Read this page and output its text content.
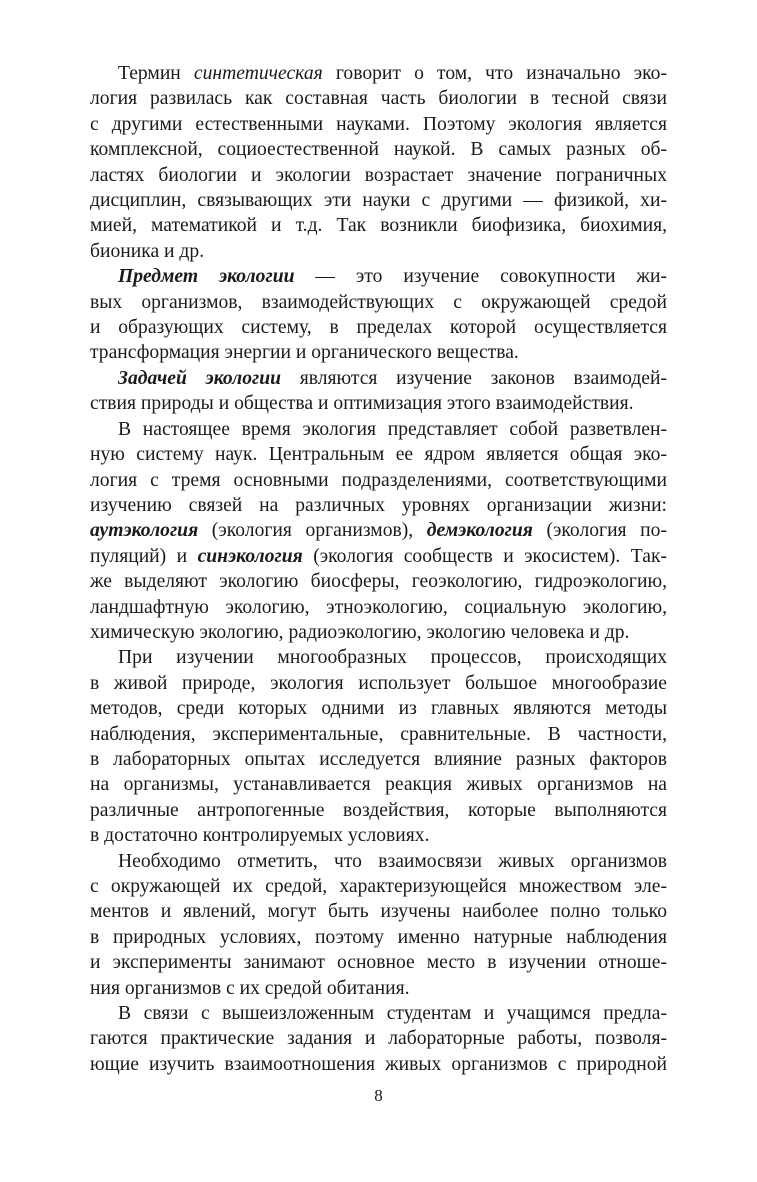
Термин синтетическая говорит о том, что изначально эко-
логия развилась как составная часть биологии в тесной связи
с другими естественными науками. Поэтому экология является
комплексной, социоестественной наукой. В самых разных об-
ластях биологии и экологии возрастает значение пограничных
дисциплин, связывающих эти науки с другими — физикой, хи-
мией, математикой и т.д. Так возникли биофизика, биохимия,
бионика и др.
Предмет экологии — это изучение совокупности жи-
вых организмов, взаимодействующих с окружающей средой
и образующих систему, в пределах которой осуществляется
трансформация энергии и органического вещества.
Задачей экологии являются изучение законов взаимодей-
ствия природы и общества и оптимизация этого взаимодействия.
В настоящее время экология представляет собой разветвлен-
ную систему наук. Центральным ее ядром является общая эко-
логия с тремя основными подразделениями, соответствующими
изучению связей на различных уровнях организации жизни:
аутэкология (экология организмов), демэкология (экология по-
пуляций) и синэкология (экология сообществ и экосистем). Так-
же выделяют экологию биосферы, геоэкологию, гидроэкологию,
ландшафтную экологию, этноэкологию, социальную экологию,
химическую экологию, радиоэкологию, экологию человека и др.
При изучении многообразных процессов, происходящих
в живой природе, экология использует большое многообразие
методов, среди которых одними из главных являются методы
наблюдения, экспериментальные, сравнительные. В частности,
в лабораторных опытах исследуется влияние разных факторов
на организмы, устанавливается реакция живых организмов на
различные антропогенные воздействия, которые выполняются
в достаточно контролируемых условиях.
Необходимо отметить, что взаимосвязи живых организмов
с окружающей их средой, характеризующейся множеством эле-
ментов и явлений, могут быть изучены наиболее полно только
в природных условиях, поэтому именно натурные наблюдения
и эксперименты занимают основное место в изучении отноше-
ния организмов с их средой обитания.
В связи с вышеизложенным студентам и учащимся предла-
гаются практические задания и лабораторные работы, позволя-
ющие изучить взаимоотношения живых организмов с природной
8
